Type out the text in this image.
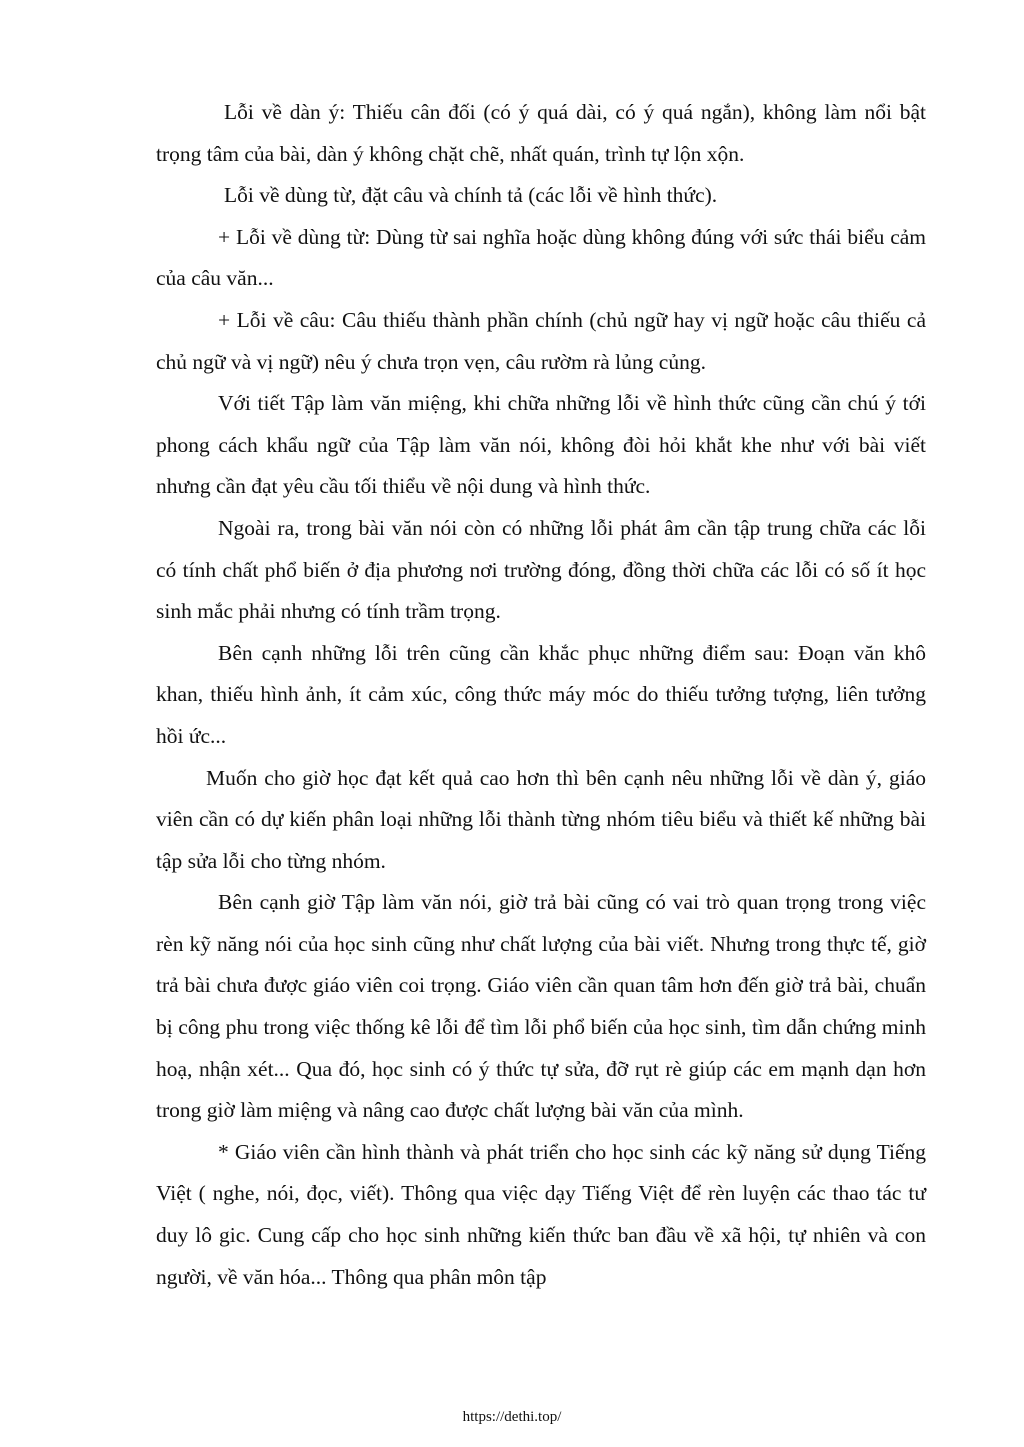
Lỗi về dàn ý: Thiếu cân đối (có ý quá dài, có ý quá ngắn), không làm nổi bật trọng tâm của bài, dàn ý không chặt chẽ, nhất quán, trình tự lộn xộn.

Lỗi về dùng từ, đặt câu và chính tả (các lỗi về hình thức).

+ Lỗi về dùng từ: Dùng từ sai nghĩa hoặc dùng không đúng với sức thái biểu cảm của câu văn...

+ Lỗi về câu: Câu thiếu thành phần chính (chủ ngữ hay vị ngữ hoặc câu thiếu cả chủ ngữ và vị ngữ) nêu ý chưa trọn vẹn, câu rườm rà lủng củng.

Với tiết Tập làm văn miệng, khi chữa những lỗi về hình thức cũng cần chú ý tới phong cách khẩu ngữ của Tập làm văn nói, không đòi hỏi khắt khe như với bài viết nhưng cần đạt yêu cầu tối thiểu về nội dung và hình thức.

Ngoài ra, trong bài văn nói còn có những lỗi phát âm cần tập trung chữa các lỗi có tính chất phổ biến ở địa phương nơi trường đóng, đồng thời chữa các lỗi có số ít học sinh mắc phải nhưng có tính trầm trọng.

Bên cạnh những lỗi trên cũng cần khắc phục những điểm sau: Đoạn văn khô khan, thiếu hình ảnh, ít cảm xúc, công thức máy móc do thiếu tưởng tượng, liên tưởng hồi ức...

Muốn cho giờ học đạt kết quả cao hơn thì bên cạnh nêu những lỗi về dàn ý, giáo viên cần có dự kiến phân loại những lỗi thành từng nhóm tiêu biểu và thiết kế những bài tập sửa lỗi cho từng nhóm.

Bên cạnh giờ Tập làm văn nói, giờ trả bài cũng có vai trò quan trọng trong việc rèn kỹ năng nói của học sinh cũng như chất lượng của bài viết. Nhưng trong thực tế, giờ trả bài chưa được giáo viên coi trọng. Giáo viên cần quan tâm hơn đến giờ trả bài, chuẩn bị công phu trong việc thống kê lỗi để tìm lỗi phổ biến của học sinh, tìm dẫn chứng minh hoạ, nhận xét... Qua đó, học sinh có ý thức tự sửa, đỡ rụt rè giúp các em mạnh dạn hơn trong giờ làm miệng và nâng cao được chất lượng bài văn của mình.

* Giáo viên cần hình thành và phát triển cho học sinh các kỹ năng sử dụng Tiếng Việt ( nghe, nói, đọc, viết). Thông qua việc dạy Tiếng Việt để rèn luyện các thao tác tư duy lô gic. Cung cấp cho học sinh những kiến thức ban đầu về xã hội, tự nhiên và con người, về văn hóa... Thông qua phân môn tập

https://dethi.top/
